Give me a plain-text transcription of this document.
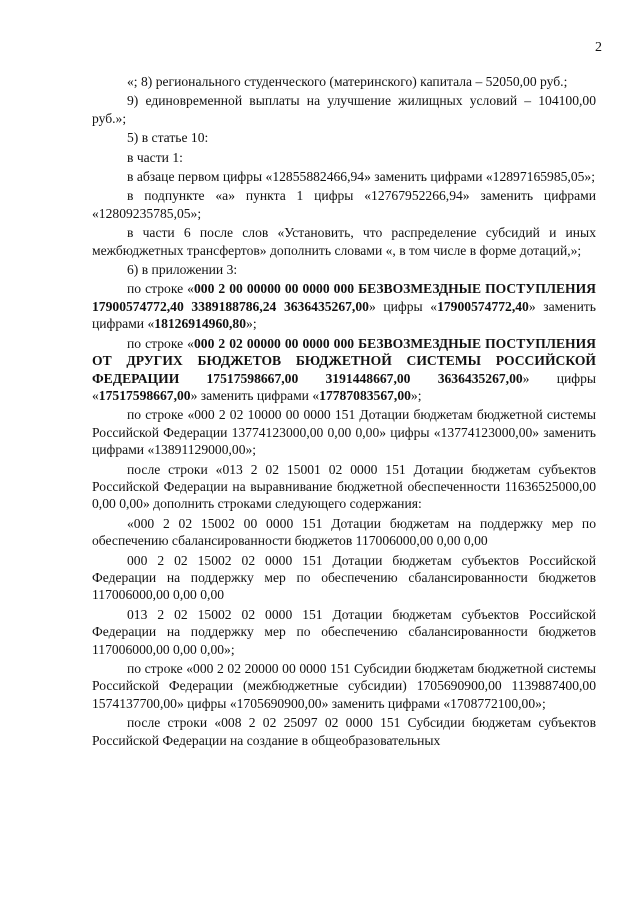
2

«; 8) регионального студенческого (материнского) капитала – 52050,00 руб.;

9) единовременной выплаты на улучшение жилищных условий – 104100,00 руб.»;

5) в статье 10:

в части 1:

в абзаце первом цифры «12855882466,94» заменить цифрами «12897165985,05»;

в подпункте «а» пункта 1 цифры «12767952266,94» заменить цифрами «12809235785,05»;

в части 6 после слов «Установить, что распределение субсидий и иных межбюджетных трансфертов» дополнить словами «, в том числе в форме дотаций,»;

6) в приложении 3:

по строке «000 2 00 00000 00 0000 000 БЕЗВОЗМЕЗДНЫЕ ПОСТУПЛЕНИЯ 17900574772,40 3389188786,24 3636435267,00» цифры «17900574772,40» заменить цифрами «18126914960,80»;

по строке «000 2 02 00000 00 0000 000 БЕЗВОЗМЕЗДНЫЕ ПОСТУПЛЕНИЯ ОТ ДРУГИХ БЮДЖЕТОВ БЮДЖЕТНОЙ СИСТЕМЫ РОССИЙСКОЙ ФЕДЕРАЦИИ 17517598667,00 3191448667,00 3636435267,00» цифры «17517598667,00» заменить цифрами «17787083567,00»;

по строке «000 2 02 10000 00 0000 151 Дотации бюджетам бюджетной системы Российской Федерации 13774123000,00 0,00 0,00» цифры «13774123000,00» заменить цифрами «13891129000,00»;

после строки «013 2 02 15001 02 0000 151 Дотации бюджетам субъектов Российской Федерации на выравнивание бюджетной обеспеченности 11636525000,00 0,00 0,00» дополнить строками следующего содержания:

«000 2 02 15002 00 0000 151 Дотации бюджетам на поддержку мер по обеспечению сбалансированности бюджетов 117006000,00 0,00 0,00

000 2 02 15002 02 0000 151 Дотации бюджетам субъектов Российской Федерации на поддержку мер по обеспечению сбалансированности бюджетов 117006000,00 0,00 0,00

013 2 02 15002 02 0000 151 Дотации бюджетам субъектов Российской Федерации на поддержку мер по обеспечению сбалансированности бюджетов 117006000,00 0,00 0,00»;

по строке «000 2 02 20000 00 0000 151 Субсидии бюджетам бюджетной системы Российской Федерации (межбюджетные субсидии) 1705690900,00 1139887400,00 1574137700,00» цифры «1705690900,00» заменить цифрами «1708772100,00»;

после строки «008 2 02 25097 02 0000 151 Субсидии бюджетам субъектов Российской Федерации на создание в общеобразовательных
